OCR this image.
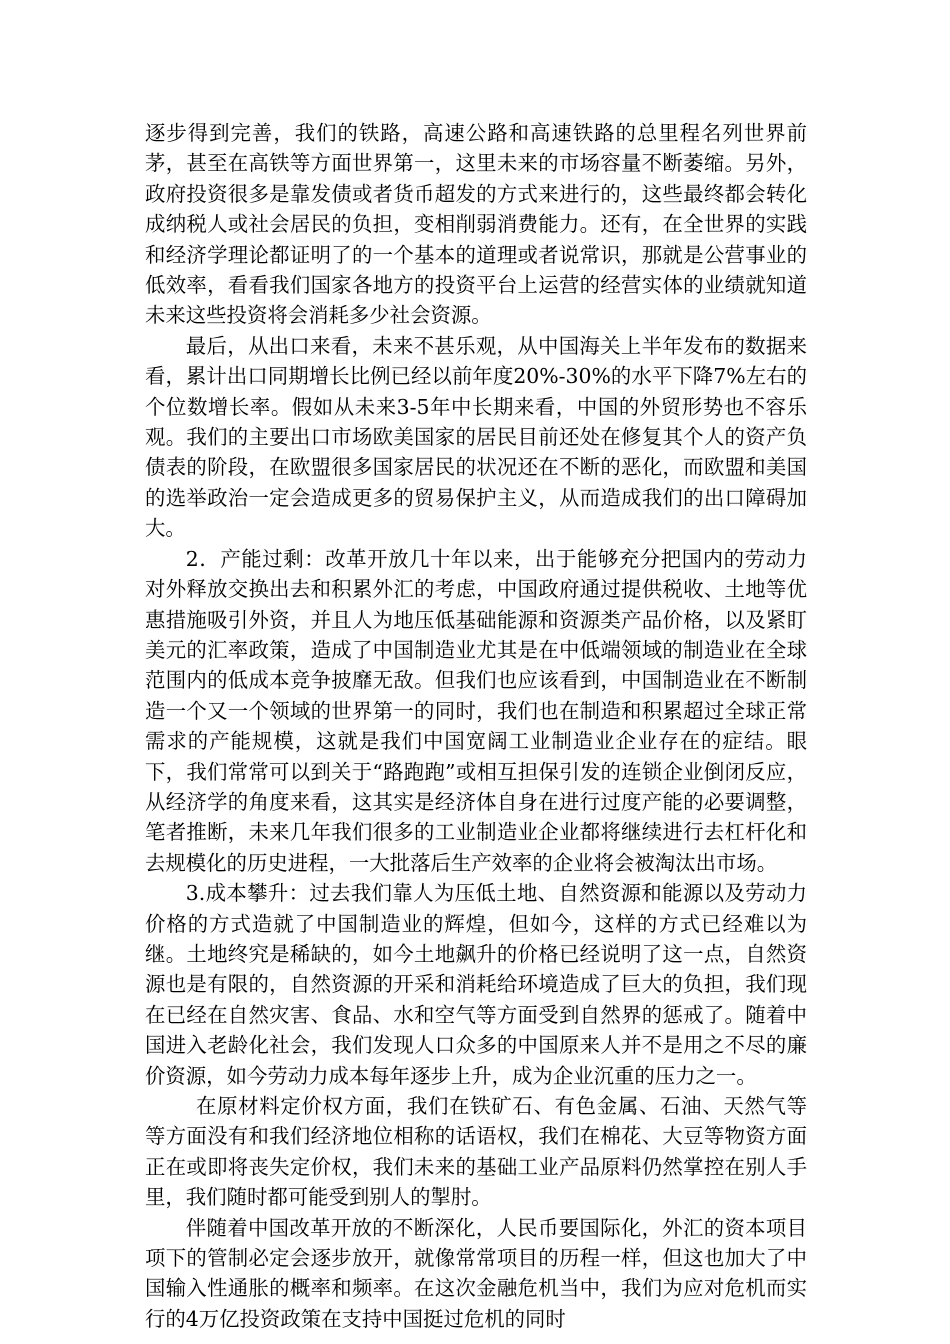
逐步得到完善，我们的铁路，高速公路和高速铁路的总里程名列世界前茅，甚至在高铁等方面世界第一，这里未来的市场容量不断萎缩。另外，政府投资很多是靠发债或者货币超发的方式来进行的，这些最终都会转化成纳税人或社会居民的负担，变相削弱消费能力。还有，在全世界的实践和经济学理论都证明了的一个基本的道理或者说常识，那就是公营事业的低效率，看看我们国家各地方的投资平台上运营的经营实体的业绩就知道未来这些投资将会消耗多少社会资源。

最后，从出口来看，未来不甚乐观，从中国海关上半年发布的数据来看，累计出口同期增长比例已经以前年度20%-30%的水平下降7%左右的个位数增长率。假如从未来3-5年中长期来看，中国的外贸形势也不容乐观。我们的主要出口市场欧美国家的居民目前还处在修复其个人的资产负债表的阶段，在欧盟很多国家居民的状况还在不断的恶化，而欧盟和美国的选举政治一定会造成更多的贸易保护主义，从而造成我们的出口障碍加大。

2．产能过剩：改革开放几十年以来，出于能够充分把国内的劳动力对外释放交换出去和积累外汇的考虑，中国政府通过提供税收、土地等优惠措施吸引外资，并且人为地压低基础能源和资源类产品价格，以及紧盯美元的汇率政策，造成了中国制造业尤其是在中低端领域的制造业在全球范围内的低成本竞争披靡无敌。但我们也应该看到，中国制造业在不断制造一个又一个领域的世界第一的同时，我们也在制造和积累超过全球正常需求的产能规模，这就是我们中国宽阔工业制造业企业存在的症结。眼下，我们常常可以到关于“路跑跑”或相互担保引发的连锁企业倒闭反应，从经济学的角度来看，这其实是经济体自身在进行过度产能的必要调整，笔者推断，未来几年我们很多的工业制造业企业都将继续进行去杠杆化和去规模化的历史进程，一大批落后生产效率的企业将会被淘汰出市场。

3.成本攀升：过去我们靠人为压低土地、自然资源和能源以及劳动力价格的方式造就了中国制造业的辉煌，但如今，这样的方式已经难以为继。土地终究是稀缺的，如今土地飙升的价格已经说明了这一点，自然资源也是有限的，自然资源的开采和消耗给环境造成了巨大的负担，我们现在已经在自然灾害、食品、水和空气等方面受到自然界的惩戒了。随着中国进入老龄化社会，我们发现人口众多的中国原来人并不是用之不尽的廉价资源，如今劳动力成本每年逐步上升，成为企业沉重的压力之一。

在原材料定价权方面，我们在铁矿石、有色金属、石油、天然气等等方面没有和我们经济地位相称的话语权，我们在棉花、大豆等物资方面正在或即将丧失定价权，我们未来的基础工业产品原料仍然掌控在别人手里，我们随时都可能受到别人的掣肘。

伴随着中国改革开放的不断深化，人民币要国际化，外汇的资本项目项下的管制必定会逐步放开，就像常常项目的历程一样，但这也加大了中国输入性通胀的概率和频率。在这次金融危机当中，我们为应对危机而实行的4万亿投资政策在支持中国挺过危机的同时
